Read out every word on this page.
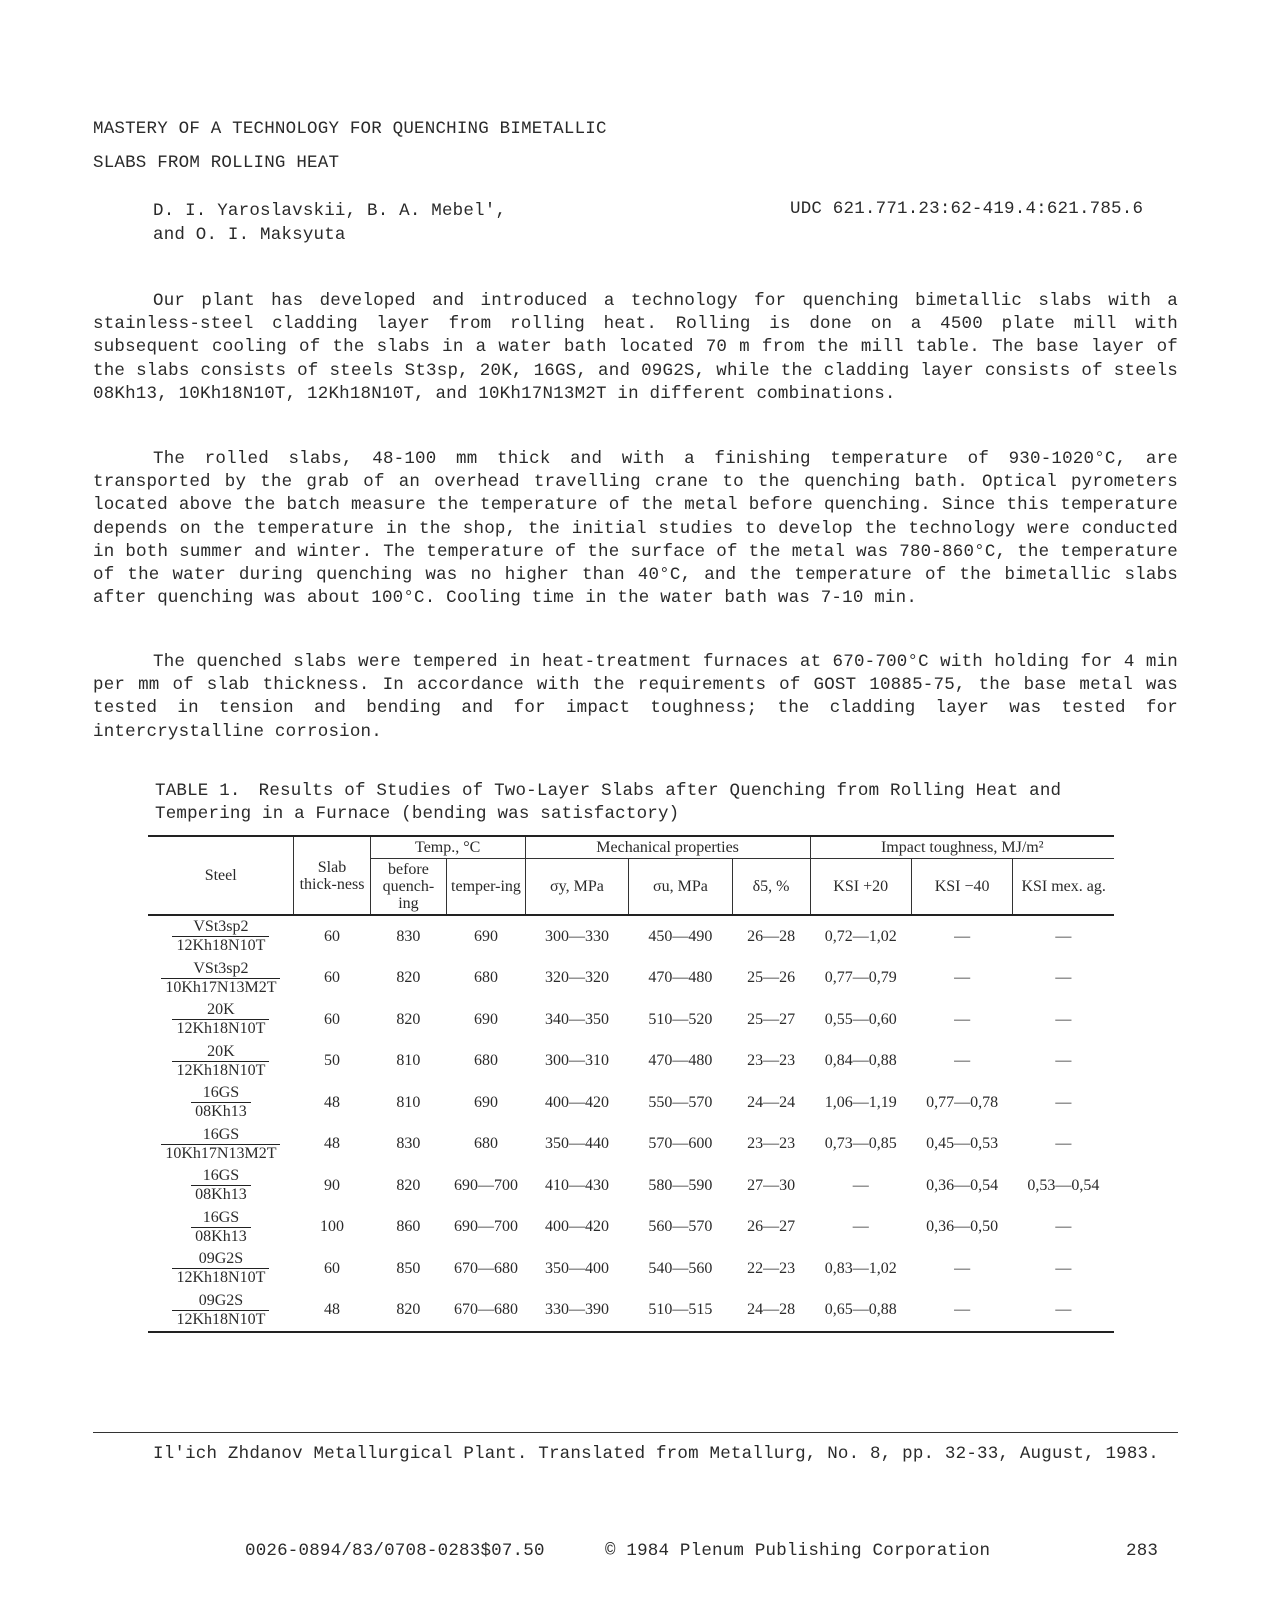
MASTERY OF A TECHNOLOGY FOR QUENCHING BIMETALLIC
SLABS FROM ROLLING HEAT
D. I. Yaroslavskii, B. A. Mebel',
and O. I. Maksyuta
UDC 621.771.23:62-419.4:621.785.6
Our plant has developed and introduced a technology for quenching bimetallic slabs with a stainless-steel cladding layer from rolling heat. Rolling is done on a 4500 plate mill with subsequent cooling of the slabs in a water bath located 70 m from the mill table. The base layer of the slabs consists of steels St3sp, 20K, 16GS, and 09G2S, while the cladding layer consists of steels 08Kh13, 10Kh18N10T, 12Kh18N10T, and 10Kh17N13M2T in different combinations.
The rolled slabs, 48-100 mm thick and with a finishing temperature of 930-1020°C, are transported by the grab of an overhead travelling crane to the quenching bath. Optical pyrometers located above the batch measure the temperature of the metal before quenching. Since this temperature depends on the temperature in the shop, the initial studies to develop the technology were conducted in both summer and winter. The temperature of the surface of the metal was 780-860°C, the temperature of the water during quenching was no higher than 40°C, and the temperature of the bimetallic slabs after quenching was about 100°C. Cooling time in the water bath was 7-10 min.
The quenched slabs were tempered in heat-treatment furnaces at 670-700°C with holding for 4 min per mm of slab thickness. In accordance with the requirements of GOST 10885-75, the base metal was tested in tension and bending and for impact toughness; the cladding layer was tested for intercrystalline corrosion.
TABLE 1. Results of Studies of Two-Layer Slabs after Quenching from Rolling Heat and Tempering in a Furnace (bending was satisfactory)
Steel	Slab thick-ness	Temp., °C		Mechanical properties			Impact toughness, MJ/m²		
		before quench-ing	temper-ing	σy, MPa	σu, MPa	δ5, %	KSI +20	KSI −40	KSI mex. ag.

$\frac{\text{VSt3sp2}}{12Kh18N10T}$	60	830	690	300—330	450—490	26—28	0,72—1,02	—	—

$\frac{\text{VSt3sp2}}{10Kh17N13M2T}$	60	820	680	320—320	470—480	25—26	0,77—0,79	—	—

$\frac{20K}{12Kh18N10T}$	60	820	690	340—350	510—520	25—27	0,55—0,60	—	—

$\frac{20K}{12Kh18N10T}$	50	810	680	300—310	470—480	23—23	0,84—0,88	—	—

$\frac{16GS}{08Kh13}$	48	810	690	400—420	550—570	24—24	1,06—1,19	0,77—0,78	—

$\frac{16GS}{10Kh17N13M2T}$	48	830	680	350—440	570—600	23—23	0,73—0,85	0,45—0,53	—

$\frac{16GS}{08Kh13}$	90	820	690—700	410—430	580—590	27—30	—	0,36—0,54	0,53—0,54

$\frac{16GS}{08Kh13}$	100	860	690—700	400—420	560—570	26—27	—	0,36—0,50	—

$\frac{09G2S}{12Kh18N10T}$	60	850	670—680	350—400	540—560	22—23	0,83—1,02	—	—

$\frac{09G2S}{12Kh18N10T}$	48	820	670—680	330—390	510—515	24—28	0,65—0,88	—	—
Il'ich Zhdanov Metallurgical Plant. Translated from Metallurg, No. 8, pp. 32-33, August, 1983.
0026-0894/83/0708-0283$07.50	© 1984 Plenum Publishing Corporation	283
